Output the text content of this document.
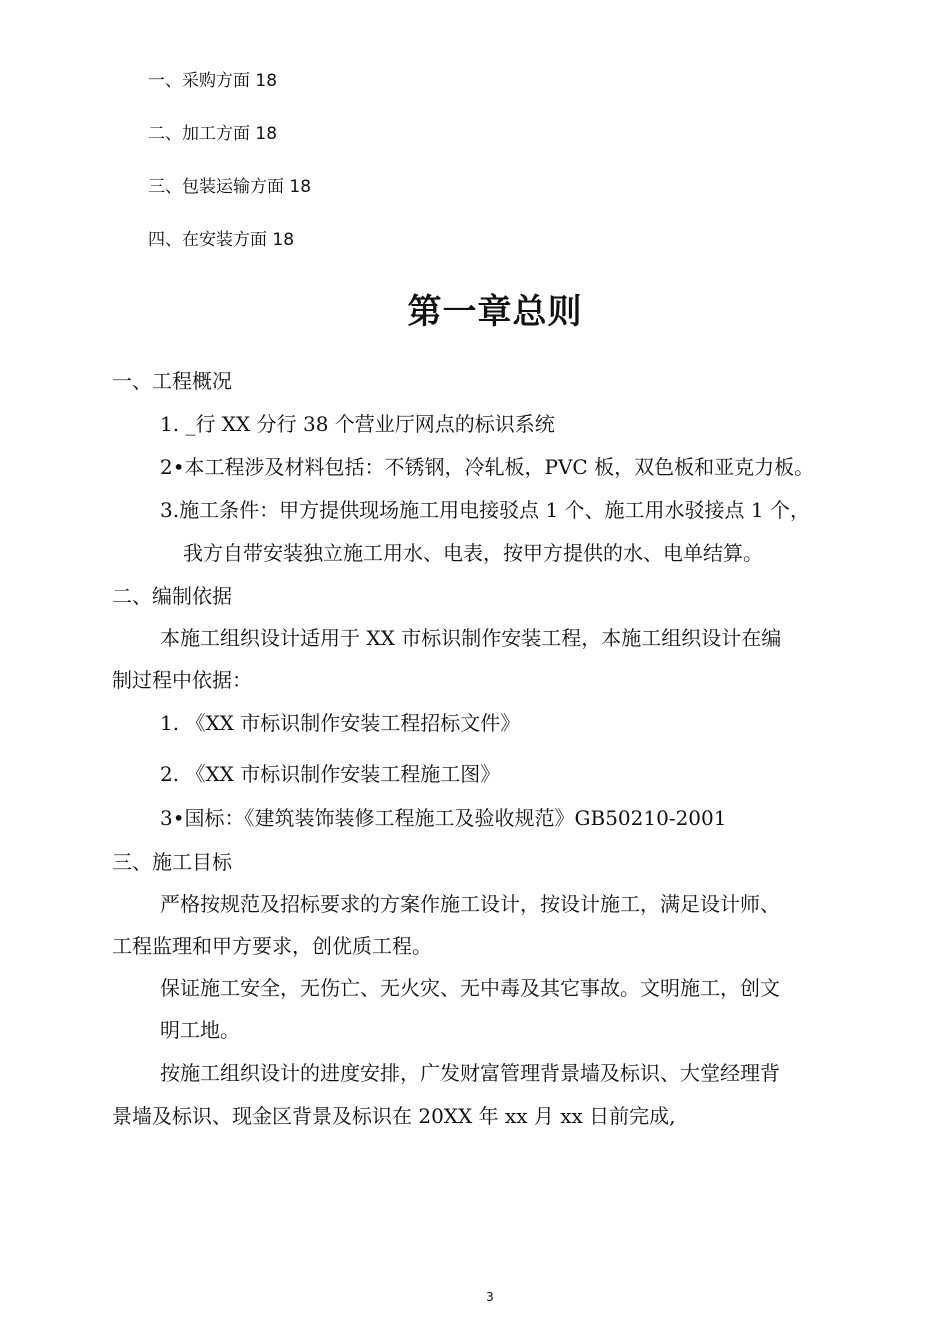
一、采购方面 18
二、加工方面 18
三、包装运输方面 18
四、在安装方面 18
第一章总则
一、工程概况
1. _行 XX 分行 38 个营业厅网点的标识系统
2•本工程涉及材料包括：不锈钢，冷轧板，PVC 板，双色板和亚克力板。
3.施工条件：甲方提供现场施工用电接驳点 1 个、施工用水驳接点 1 个，
我方自带安装独立施工用水、电表，按甲方提供的水、电单结算。
二、编制依据
本施工组织设计适用于 XX 市标识制作安装工程，本施工组织设计在编
制过程中依据：
1. 《XX 市标识制作安装工程招标文件》
2. 《XX 市标识制作安装工程施工图》
3•国标：《建筑装饰装修工程施工及验收规范》GB50210-2001
三、施工目标
严格按规范及招标要求的方案作施工设计，按设计施工，满足设计师、
工程监理和甲方要求，创优质工程。
保证施工安全，无伤亡、无火灾、无中毒及其它事故。文明施工，创文
明工地。
按施工组织设计的进度安排，广发财富管理背景墙及标识、大堂经理背
景墙及标识、现金区背景及标识在 20XX 年 xx 月 xx 日前完成,
3
